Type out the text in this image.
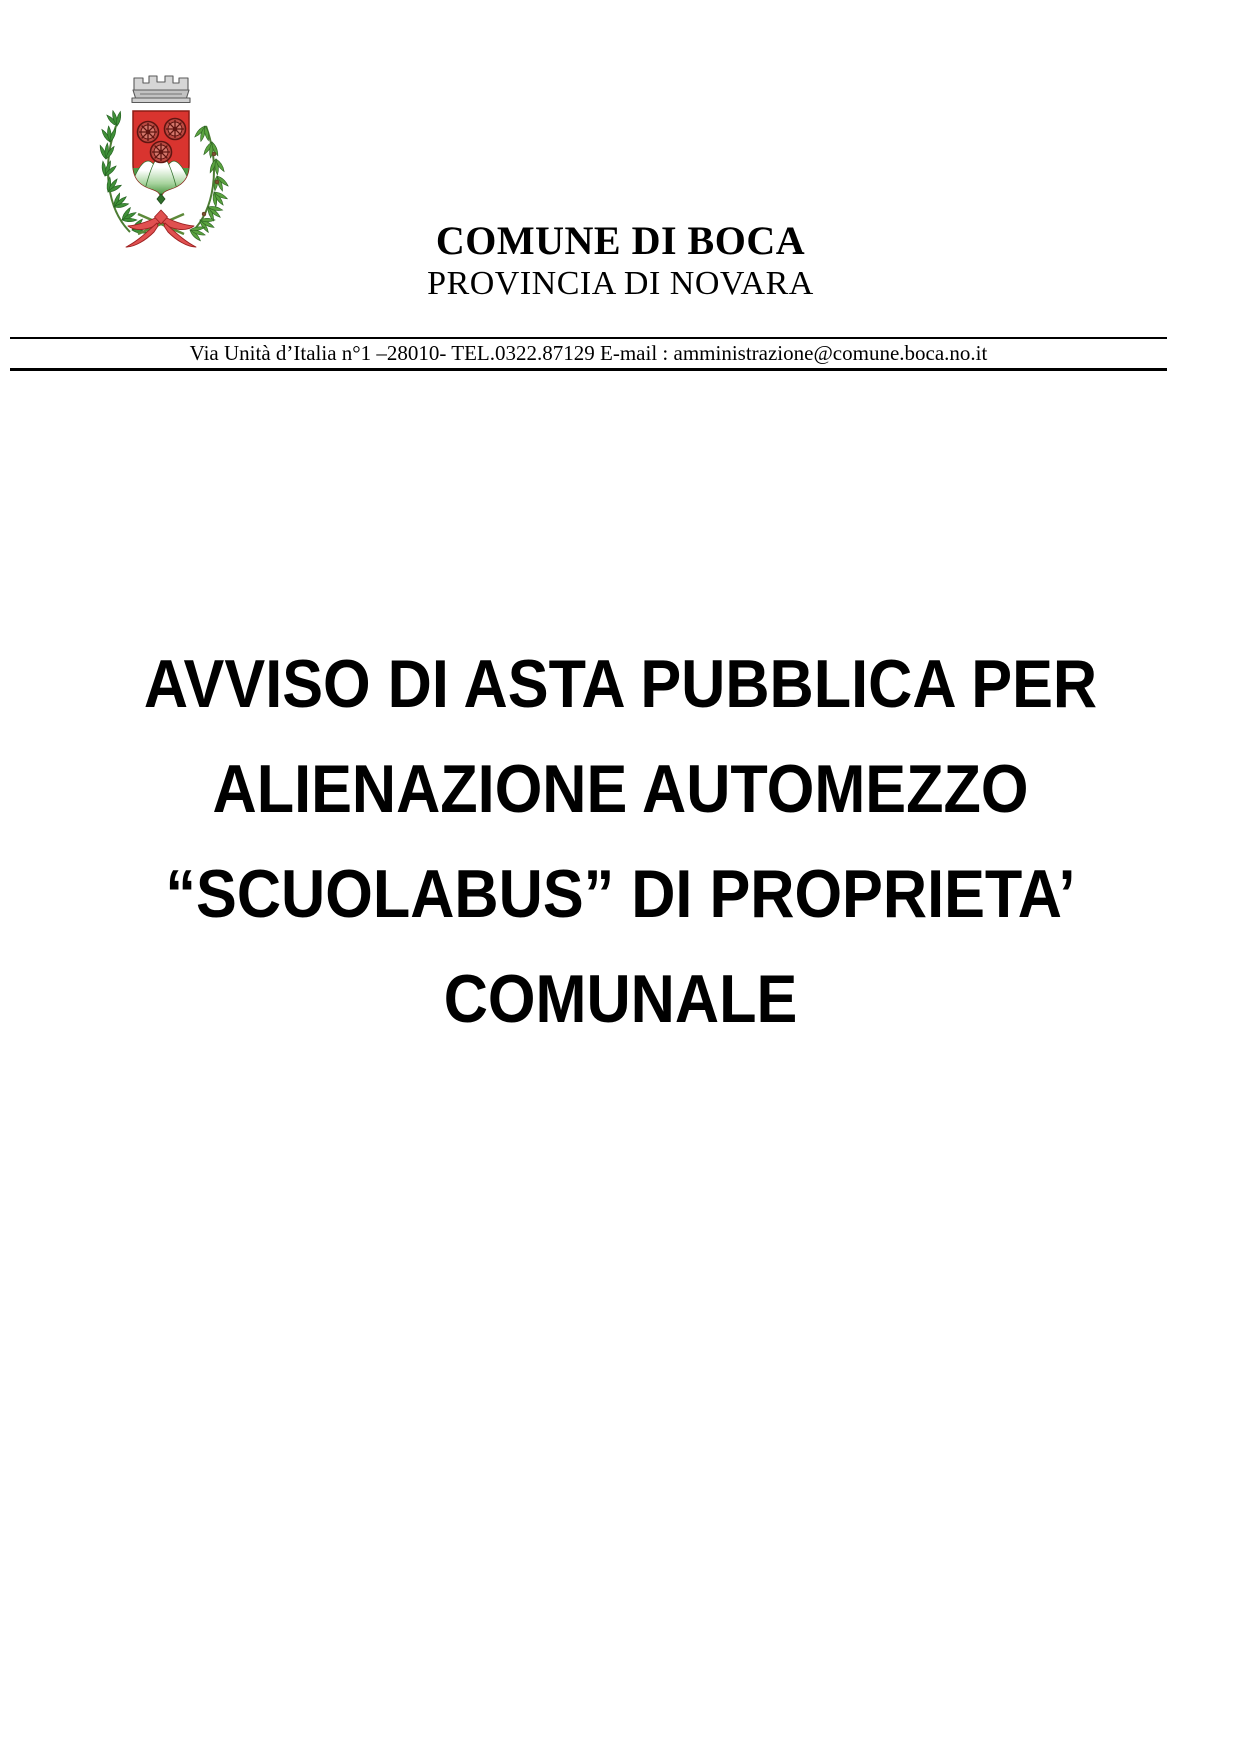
COMUNE DI BOCA
PROVINCIA DI NOVARA
Via Unità d’Italia n°1 –28010- TEL.0322.87129 E-mail : amministrazione@comune.boca.no.it
AVVISO DI ASTA PUBBLICA PER
ALIENAZIONE AUTOMEZZO
“SCUOLABUS” DI PROPRIETA’
COMUNALE
